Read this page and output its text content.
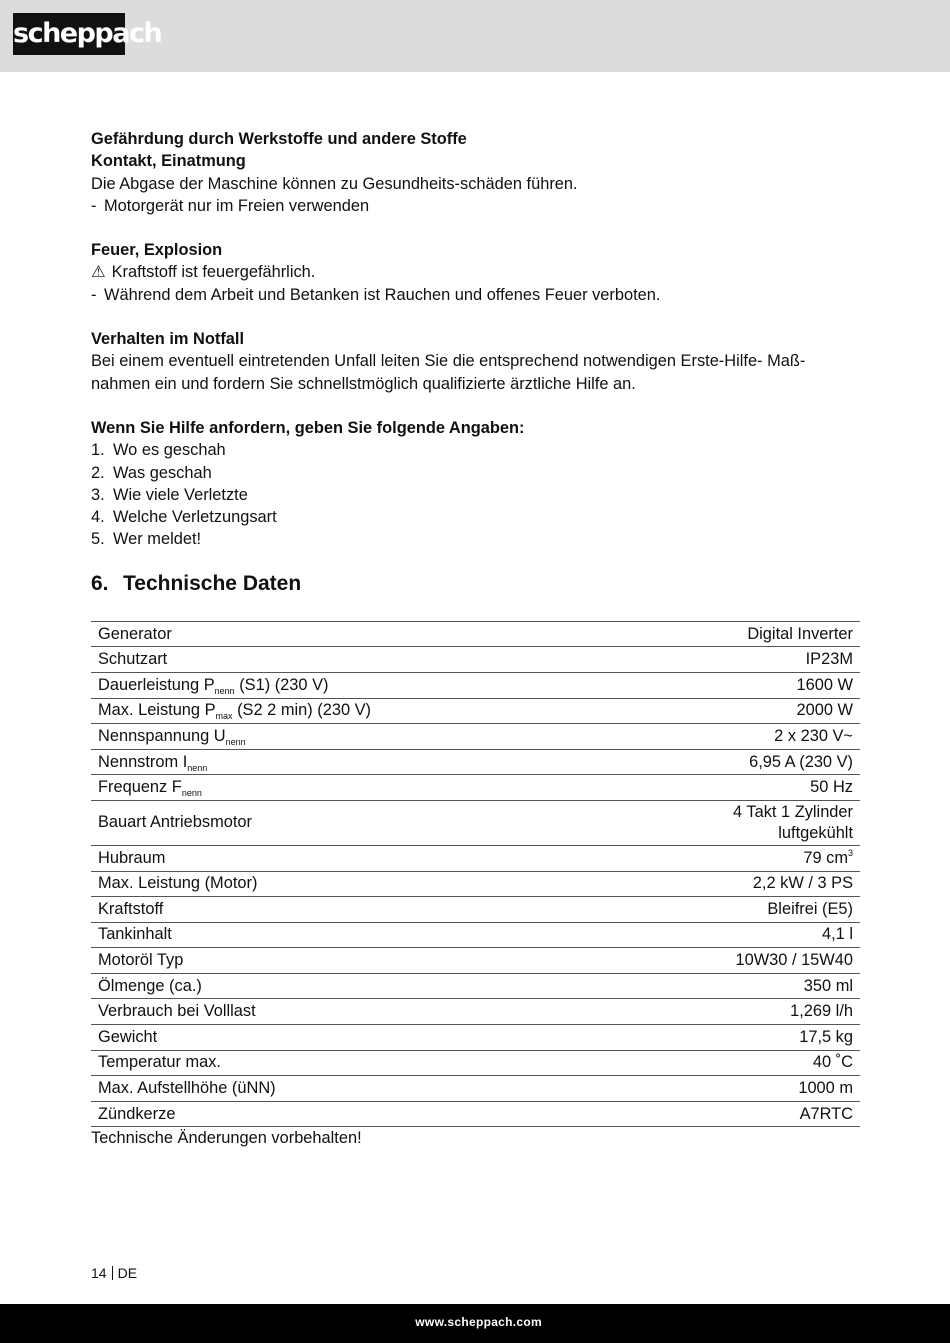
scheppach

Gefährdung durch Werkstoffe und andere Stoffe

Kontakt, Einatmung

Die Abgase der Maschine können zu Gesundheits-schäden führen.

- Motorgerät nur im Freien verwenden

Feuer, Explosion

⚠ Kraftstoff ist feuergefährlich.

- Während dem Arbeit und Betanken ist Rauchen und offenes Feuer verboten.

Verhalten im Notfall

Bei einem eventuell eintretenden Unfall leiten Sie die entsprechend notwendigen Erste-Hilfe- Maß-nahmen ein und fordern Sie schnellstmöglich qualifizierte ärztliche Hilfe an.

Wenn Sie Hilfe anfordern, geben Sie folgende Angaben:

1. Wo es geschah
2. Was geschah
3. Wie viele Verletzte
4. Welche Verletzungsart
5. Wer meldet!
6. Technische Daten
Generator	Digital Inverter
Schutzart	IP23M
Dauerleistung $P_{nenn}$ (S1) (230 V)	1600 W
Max. Leistung $P_{max}$ (S2 2 min) (230 V)	2000 W
Nennspannung $U_{nenn}$	2 x 230 V~
Nennstrom $I_{nenn}$	6,95 A (230 V)
Frequenz $F_{nenn}$	50 Hz
Bauart Antriebsmotor	4 Takt 1 Zylinder
luftgekühlt

Hubraum	79 $cm^3$
Max. Leistung (Motor)	2,2 kW / 3 PS
Kraftstoff	Bleifrei (E5)
Tankinhalt	4,1 l
Motoröl Typ	10W30 / 15W40
Ölmenge (ca.)	350 ml
Verbrauch bei Volllast	1,269 l/h
Gewicht	17,5 kg
Temperatur max.	40 ˚C
Max. Aufstellhöhe (üNN)	1000 m
Zündkerze	A7RTC

Technische Änderungen vorbehalten!

14 DE
www.scheppach.com
